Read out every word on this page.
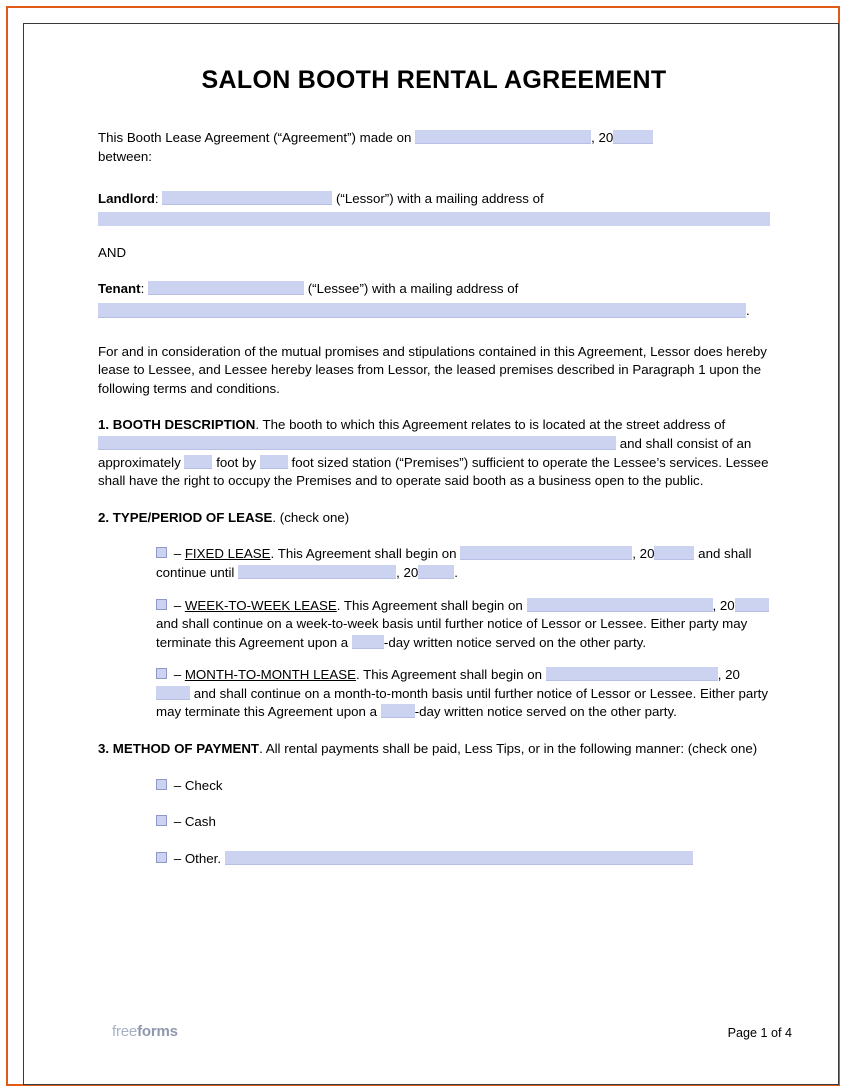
SALON BOOTH RENTAL AGREEMENT

This Booth Lease Agreement (“Agreement”) made on	, 20
between:

Landlord:	(“Lessor”) with a mailing address of

AND

Tenant:	(“Lessee”) with a mailing address of
.

For and in consideration of the mutual promises and stipulations contained in this Agreement, Lessor does hereby lease to Lessee, and Lessee hereby leases from Lessor, the leased premises described in Paragraph 1 upon the following terms and conditions.

1. BOOTH DESCRIPTION. The booth to which this Agreement relates to is located at the street address of  and shall consist of an approximately	foot by	foot sized station (“Premises”) sufficient to operate the Lessee’s services. Lessee shall have the right to occupy the Premises and to operate said booth as a business open to the public.

2. TYPE/PERIOD OF LEASE. (check one)

– FIXED LEASE. This Agreement shall begin on	, 20	and shall continue until	, 20	.
– WEEK-TO-WEEK LEASE. This Agreement shall begin on	, 20 and shall continue on a week-to-week basis until further notice of Lessor or Lessee. Either party may terminate this Agreement upon a	-day written notice served on the other party.
– MONTH-TO-MONTH LEASE. This Agreement shall begin on	, 20 and shall continue on a month-to-month basis until further notice of Lessor or Lessee. Either party may terminate this Agreement upon a	-day written notice served on the other party.

3. METHOD OF PAYMENT. All rental payments shall be paid, Less Tips, or in the following manner: (check one)

– Check
– Cash
– Other.
freeforms	Page 1 of 4
